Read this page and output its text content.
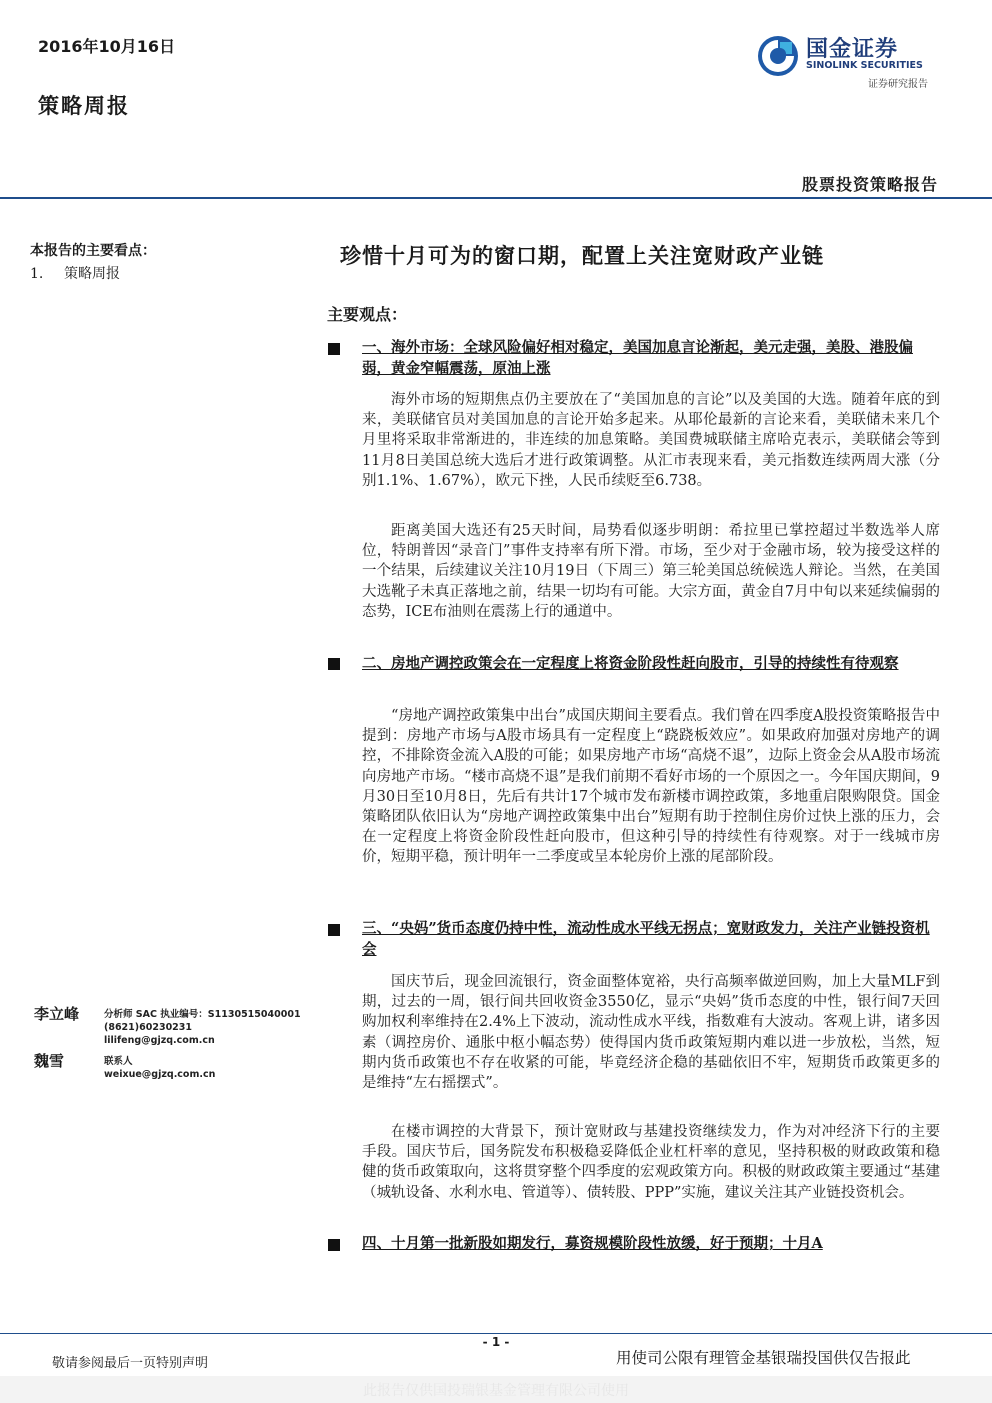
2016年10月16日
策略周报
国金证券
SINOLINK SECURITIES
证券研究报告
股票投资策略报告
本报告的主要看点：
1. 策略周报
珍惜十月可为的窗口期，配置上关注宽财政产业链
主要观点：
一、海外市场：全球风险偏好相对稳定，美国加息言论渐起，美元走强，美股、港股偏弱，黄金窄幅震荡，原油上涨
海外市场的短期焦点仍主要放在了“美国加息的言论”以及美国的大选。随着年底的到来，美联储官员对美国加息的言论开始多起来。从耶伦最新的言论来看，美联储未来几个月里将采取非常渐进的，非连续的加息策略。美国费城联储主席哈克表示，美联储会等到11月8日美国总统大选后才进行政策调整。从汇市表现来看，美元指数连续两周大涨（分别1.1%、1.67%），欧元下挫，人民币续贬至6.738。
距离美国大选还有25天时间，局势看似逐步明朗：希拉里已掌控超过半数选举人席位，特朗普因“录音门”事件支持率有所下滑。市场，至少对于金融市场，较为接受这样的一个结果，后续建议关注10月19日（下周三）第三轮美国总统候选人辩论。当然，在美国大选靴子未真正落地之前，结果一切均有可能。大宗方面，黄金自7月中旬以来延续偏弱的态势，ICE布油则在震荡上行的通道中。
二、房地产调控政策会在一定程度上将资金阶段性赶向股市，引导的持续性有待观察
“房地产调控政策集中出台”成国庆期间主要看点。我们曾在四季度A股投资策略报告中提到：房地产市场与A股市场具有一定程度上“跷跷板效应”。如果政府加强对房地产的调控，不排除资金流入A股的可能；如果房地产市场“高烧不退”，边际上资金会从A股市场流向房地产市场。“楼市高烧不退”是我们前期不看好市场的一个原因之一。今年国庆期间，9月30日至10月8日，先后有共计17个城市发布新楼市调控政策，多地重启限购限贷。国金策略团队依旧认为“房地产调控政策集中出台”短期有助于控制住房价过快上涨的压力，会在一定程度上将资金阶段性赶向股市，但这种引导的持续性有待观察。对于一线城市房价，短期平稳，预计明年一二季度或呈本轮房价上涨的尾部阶段。
三、“央妈”货币态度仍持中性，流动性成水平线无拐点；宽财政发力，关注产业链投资机会
国庆节后，现金回流银行，资金面整体宽裕，央行高频率做逆回购，加上大量MLF到期，过去的一周，银行间共回收资金3550亿，显示“央妈”货币态度的中性，银行间7天回购加权利率维持在2.4%上下波动，流动性成水平线，指数难有大波动。客观上讲，诸多因素（调控房价、通胀中枢小幅态势）使得国内货币政策短期内难以进一步放松，当然，短期内货币政策也不存在收紧的可能，毕竟经济企稳的基础依旧不牢，短期货币政策更多的是维持“左右摇摆式”。
在楼市调控的大背景下，预计宽财政与基建投资继续发力，作为对冲经济下行的主要手段。国庆节后，国务院发布积极稳妥降低企业杠杆率的意见，坚持积极的财政政策和稳健的货币政策取向，这将贯穿整个四季度的宏观政策方向。积极的财政政策主要通过“基建（城轨设备、水利水电、管道等）、债转股、PPP”实施，建议关注其产业链投资机会。
四、十月第一批新股如期发行，募资规模阶段性放缓，好于预期；十月A
李立峰	分析师 SAC 执业编号：S1130515040001
(8621)60230231
lilifeng@gjzq.com.cn
魏雪	联系人
weixue@gjzq.com.cn
- 1 -
敬请参阅最后一页特别声明	用使司公限有理管金基银瑞投国供仅告报此
此报告仅供国投瑞银基金管理有限公司使用
